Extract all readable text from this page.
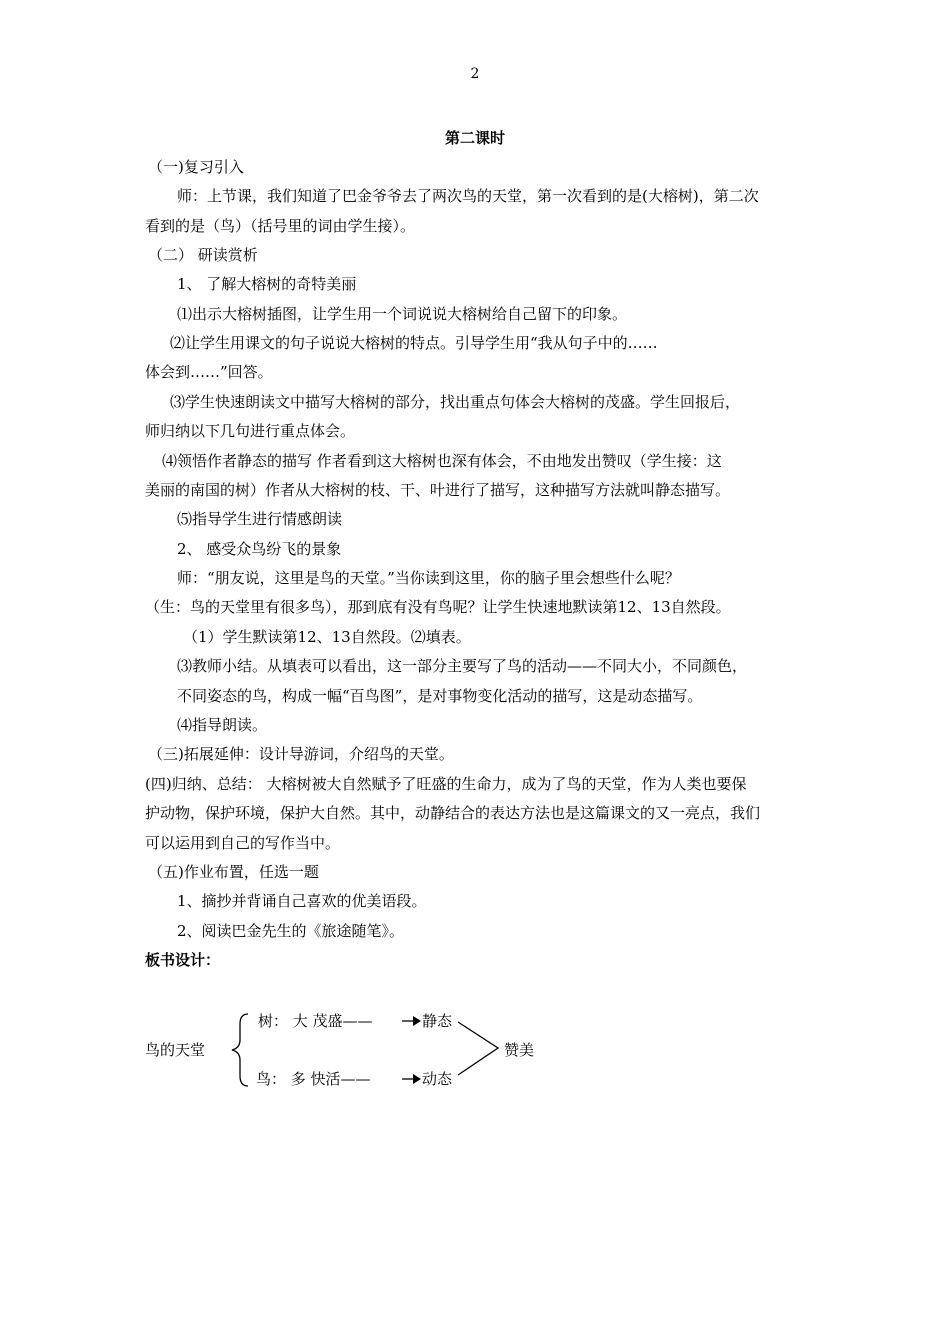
2
第二课时
（一)复习引入
师：上节课，我们知道了巴金爷爷去了两次鸟的天堂，第一次看到的是(大榕树)，第二次
看到的是（鸟）（括号里的词由学生接）。
（二） 研读赏析
1、 了解大榕树的奇特美丽
⑴出示大榕树插图，让学生用一个词说说大榕树给自己留下的印象。
⑵让学生用课文的句子说说大榕树的特点。引导学生用“我从句子中的……
体会到……”回答。
⑶学生快速朗读文中描写大榕树的部分，找出重点句体会大榕树的茂盛。学生回报后，
师归纳以下几句进行重点体会。
⑷领悟作者静态的描写 作者看到这大榕树也深有体会，不由地发出赞叹（学生接：这
美丽的南国的树）作者从大榕树的枝、干、叶进行了描写，这种描写方法就叫静态描写。
⑸指导学生进行情感朗读
2、 感受众鸟纷飞的景象
师：“朋友说，这里是鸟的天堂。”当你读到这里，你的脑子里会想些什么呢？
（生：鸟的天堂里有很多鸟），那到底有没有鸟呢？让学生快速地默读第12、13自然段。
（1）学生默读第12、13自然段。⑵填表。
⑶教师小结。从填表可以看出，这一部分主要写了鸟的活动——不同大小，不同颜色，
不同姿态的鸟，构成一幅“百鸟图”，是对事物变化活动的描写，这是动态描写。
⑷指导朗读。
（三)拓展延伸：设计导游词，介绍鸟的天堂。
(四)归纳、总结： 大榕树被大自然赋予了旺盛的生命力，成为了鸟的天堂，作为人类也要保
护动物，保护环境，保护大自然。其中，动静结合的表达方法也是这篇课文的又一亮点，我们
可以运用到自己的写作当中。
（五)作业布置，任选一题
1、摘抄并背诵自己喜欢的优美语段。
2、阅读巴金先生的《旅途随笔》。
板书设计：
鸟的天堂
树： 大 茂盛——	静态
鸟： 多 快活——	动态
赞美
